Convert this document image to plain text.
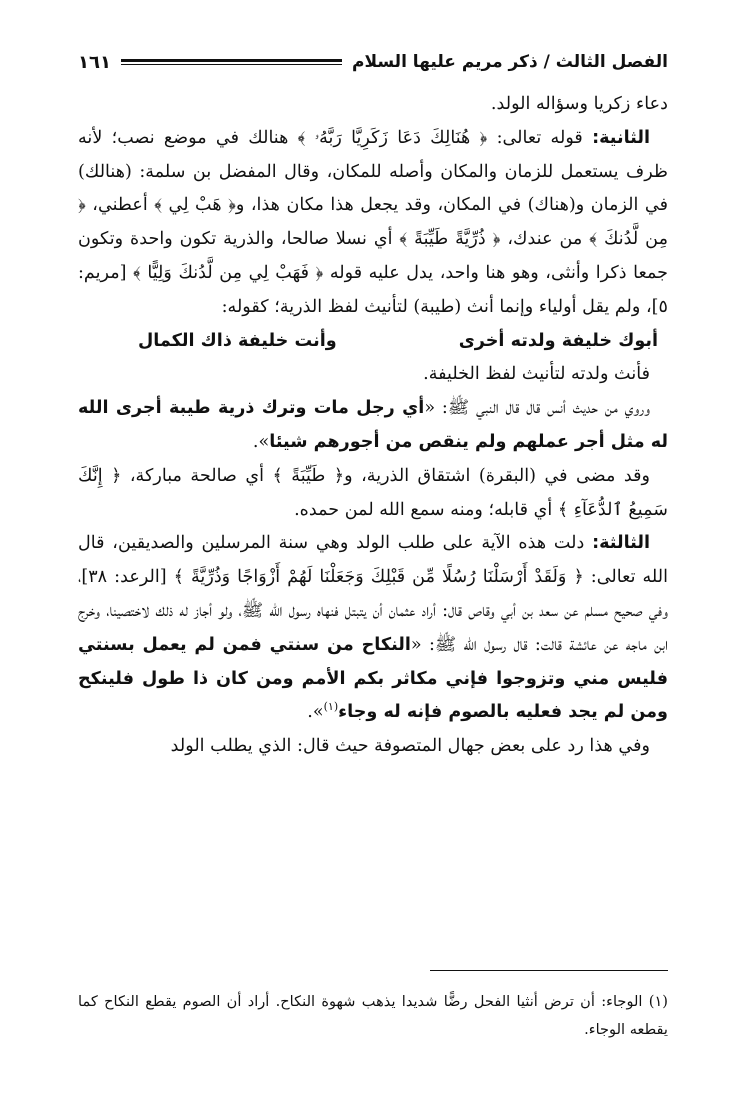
الفصل الثالث / ذكر مريم عليها السلام
١٦١

دعاء زكريا وسؤاله الولد.

الثانية: قوله تعالى: ﴿ هُنَالِكَ دَعَا زَكَرِيَّا رَبَّهُۥ ﴾ هنالك في موضع نصب؛ لأنه ظرف يستعمل للزمان والمكان وأصله للمكان، وقال المفضل بن سلمة: (هنالك) في الزمان و(هناك) في المكان، وقد يجعل هذا مكان هذا، و﴿ هَبْ لِي ﴾ أعطني، ﴿ مِن لَّدُنكَ ﴾ من عندك، ﴿ ذُرِّيَّةً طَيِّبَةً ﴾ أي نسلا صالحا، والذرية تكون واحدة وتكون جمعا ذكرا وأنثى، وهو هنا واحد، يدل عليه قوله ﴿ فَهَبْ لِي مِن لَّدُنكَ وَلِيًّا ﴾ [مريم: ٥]، ولم يقل أولياء وإنما أنث (طيبة) لتأنيث لفظ الذرية؛ كقوله:

أبوك خليفة ولدته أخرى
وأنت خليفة ذاك الكمال

فأنث ولدته لتأنيث لفظ الخليفة.

وروي من حديث أنس قال قال النبي ﷺ: «أي رجل مات وترك ذرية طيبة أجرى الله له مثل أجر عملهم ولم ينقص من أجورهم شيئا».

وقد مضى في (البقرة) اشتقاق الذرية، و﴿ طَيِّبَةً ﴾ أي صالحة مباركة، ﴿ إِنَّكَ سَمِيعُ ٱلدُّعَآءِ ﴾ أي قابله؛ ومنه سمع الله لمن حمده.

الثالثة: دلت هذه الآية على طلب الولد وهي سنة المرسلين والصديقين، قال الله تعالى: ﴿ وَلَقَدْ أَرْسَلْنَا رُسُلًا مِّن قَبْلِكَ وَجَعَلْنَا لَهُمْ أَزْوَاجًا وَذُرِّيَّةً ﴾ [الرعد: ٣٨]، وفي صحيح مسلم عن سعد بن أبي وقاص قال: أراد عثمان أن يتبتل فنهاه رسول الله ﷺ، ولو أجاز له ذلك لاختصينا، وخرج ابن ماجه عن عائشة قالت: قال رسول الله ﷺ: «النكاح من سنتي فمن لم يعمل بسنتي فليس مني وتزوجوا فإني مكاثر بكم الأمم ومن كان ذا طول فلينكح ومن لم يجد فعليه بالصوم فإنه له وجاء$^{(١)}$».

وفي هذا رد على بعض جهال المتصوفة حيث قال: الذي يطلب الولد

(١) الوجاء: أن ترض أنثيا الفحل رضًّا شديدا يذهب شهوة النكاح. أراد أن الصوم يقطع النكاح كما يقطعه الوجاء.
